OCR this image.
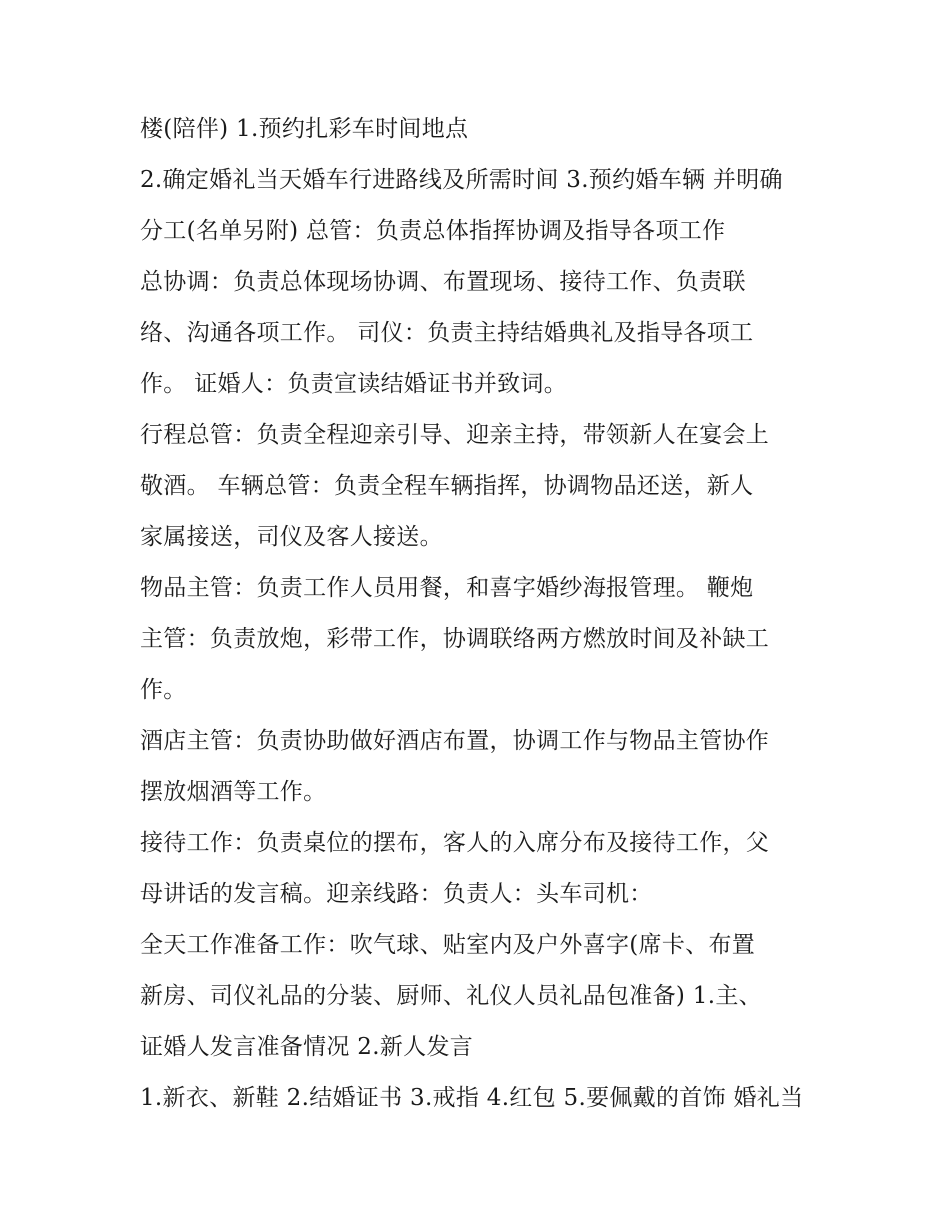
楼(陪伴) 1.预约扎彩车时间地点
2.确定婚礼当天婚车行进路线及所需时间 3.预约婚车辆 并明确
分工(名单另附) 总管：负责总体指挥协调及指导各项工作
总协调：负责总体现场协调、布置现场、接待工作、负责联
络、沟通各项工作。 司仪：负责主持结婚典礼及指导各项工
作。 证婚人：负责宣读结婚证书并致词。
行程总管：负责全程迎亲引导、迎亲主持，带领新人在宴会上
敬酒。 车辆总管：负责全程车辆指挥，协调物品还送，新人
家属接送，司仪及客人接送。
物品主管：负责工作人员用餐，和喜字婚纱海报管理。 鞭炮
主管：负责放炮，彩带工作，协调联络两方燃放时间及补缺工
作。
酒店主管：负责协助做好酒店布置，协调工作与物品主管协作
摆放烟酒等工作。
接待工作：负责桌位的摆布，客人的入席分布及接待工作，父
母讲话的发言稿。迎亲线路：负责人：头车司机：
全天工作准备工作：吹气球、贴室内及户外喜字(席卡、布置
新房、司仪礼品的分装、厨师、礼仪人员礼品包准备) 1.主、
证婚人发言准备情况 2.新人发言
1.新衣、新鞋 2.结婚证书 3.戒指 4.红包 5.要佩戴的首饰 婚礼当
